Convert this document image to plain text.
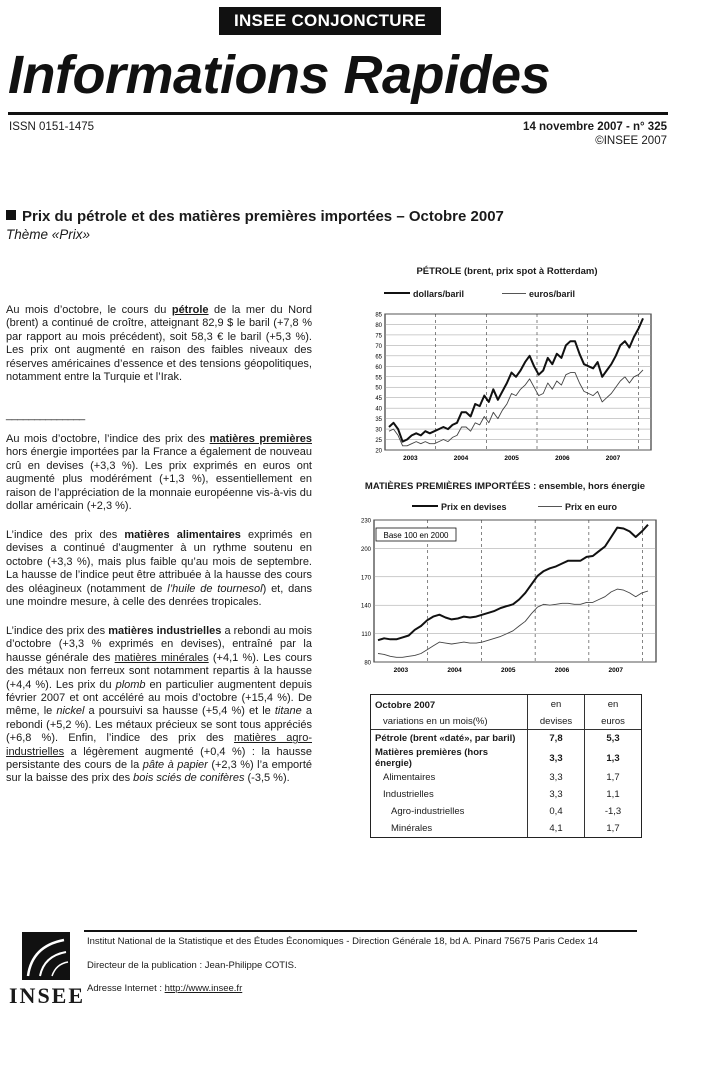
INSEE CONJONCTURE
Informations Rapides
ISSN 0151-1475	14 novembre 2007 - n° 325
©INSEE 2007
Prix du pétrole et des matières premières importées – Octobre 2007
Thème «Prix»

Au mois d’octobre, le cours du pétrole de la mer du Nord (brent) a continué de croître, atteignant 82,9 $ le baril (+7,8 % par rapport au mois précédent), soit 58,3 € le baril (+5,3 %). Les prix ont augmenté en raison des faibles niveaux des réserves américaines d’essence et des tensions géopolitiques, notamment entre la Turquie et l’Irak.

______________

Au mois d’octobre, l’indice des prix des matières premières hors énergie importées par la France a également de nouveau crû en devises (+3,3 %). Les prix exprimés en euros ont augmenté plus modérément (+1,3 %), essentiellement en raison de l’appréciation de la monnaie européenne vis-à-vis du dollar américain (+2,3 %).

L’indice des prix des matières alimentaires exprimés en devises a continué d’augmenter à un rythme soutenu en octobre (+3,3 %), mais plus faible qu’au mois de septembre. La hausse de l’indice peut être attribuée à la hausse des cours des oléagineux (notamment de l’huile de tournesol) et, dans une moindre mesure, à celle des denrées tropicales.

L’indice des prix des matières industrielles a rebondi au mois d’octobre (+3,3 % exprimés en devises), entraîné par la hausse générale des matières minérales (+4,1 %). Les cours des métaux non ferreux sont notamment repartis à la hausse (+4,4 %). Les prix du plomb en particulier augmentent depuis février 2007 et ont accéléré au mois d’octobre (+15,4 %). De même, le nickel a poursuivi sa hausse (+5,4 %) et le titane a rebondi (+5,2 %). Les métaux précieux se sont tous appréciés (+6,8 %). Enfin, l’indice des prix des matières agro-industrielles a légèrement augmenté (+0,4 %) : la hausse persistante des cours de la pâte à papier (+2,3 %) l’a emporté sur la baisse des prix des bois sciés de conifères (-3,5 %).

PÉTROLE (brent, prix spot à Rotterdam)
dollars/baril	euros/baril
85
80
75
70
65
60
55
50
45
40
35
30
25
20
2003	2004	2005	2006	2007
MATIÈRES PREMIÈRES IMPORTÉES : ensemble, hors énergie
Prix en devises	Prix en euro
230
200
170
140
110
80
2003	2004	2005	2006	2007
Base 100 en 2000
Octobre 2007	en	en
variations en un mois(%)	devises	euros
Pétrole (brent «daté», par baril)	7,8	5,3
Matières premières (hors énergie)	3,3	1,3
Alimentaires	3,3	1,7
Industrielles	3,3	1,1
Agro-industrielles	0,4	-1,3
Minérales	4,1	1,7
INSEE
Institut National de la Statistique et des Études Économiques - Direction Générale 18, bd A. Pinard 75675 Paris Cedex 14
Directeur de la publication : Jean-Philippe COTIS.
Adresse Internet : http://www.insee.fr
